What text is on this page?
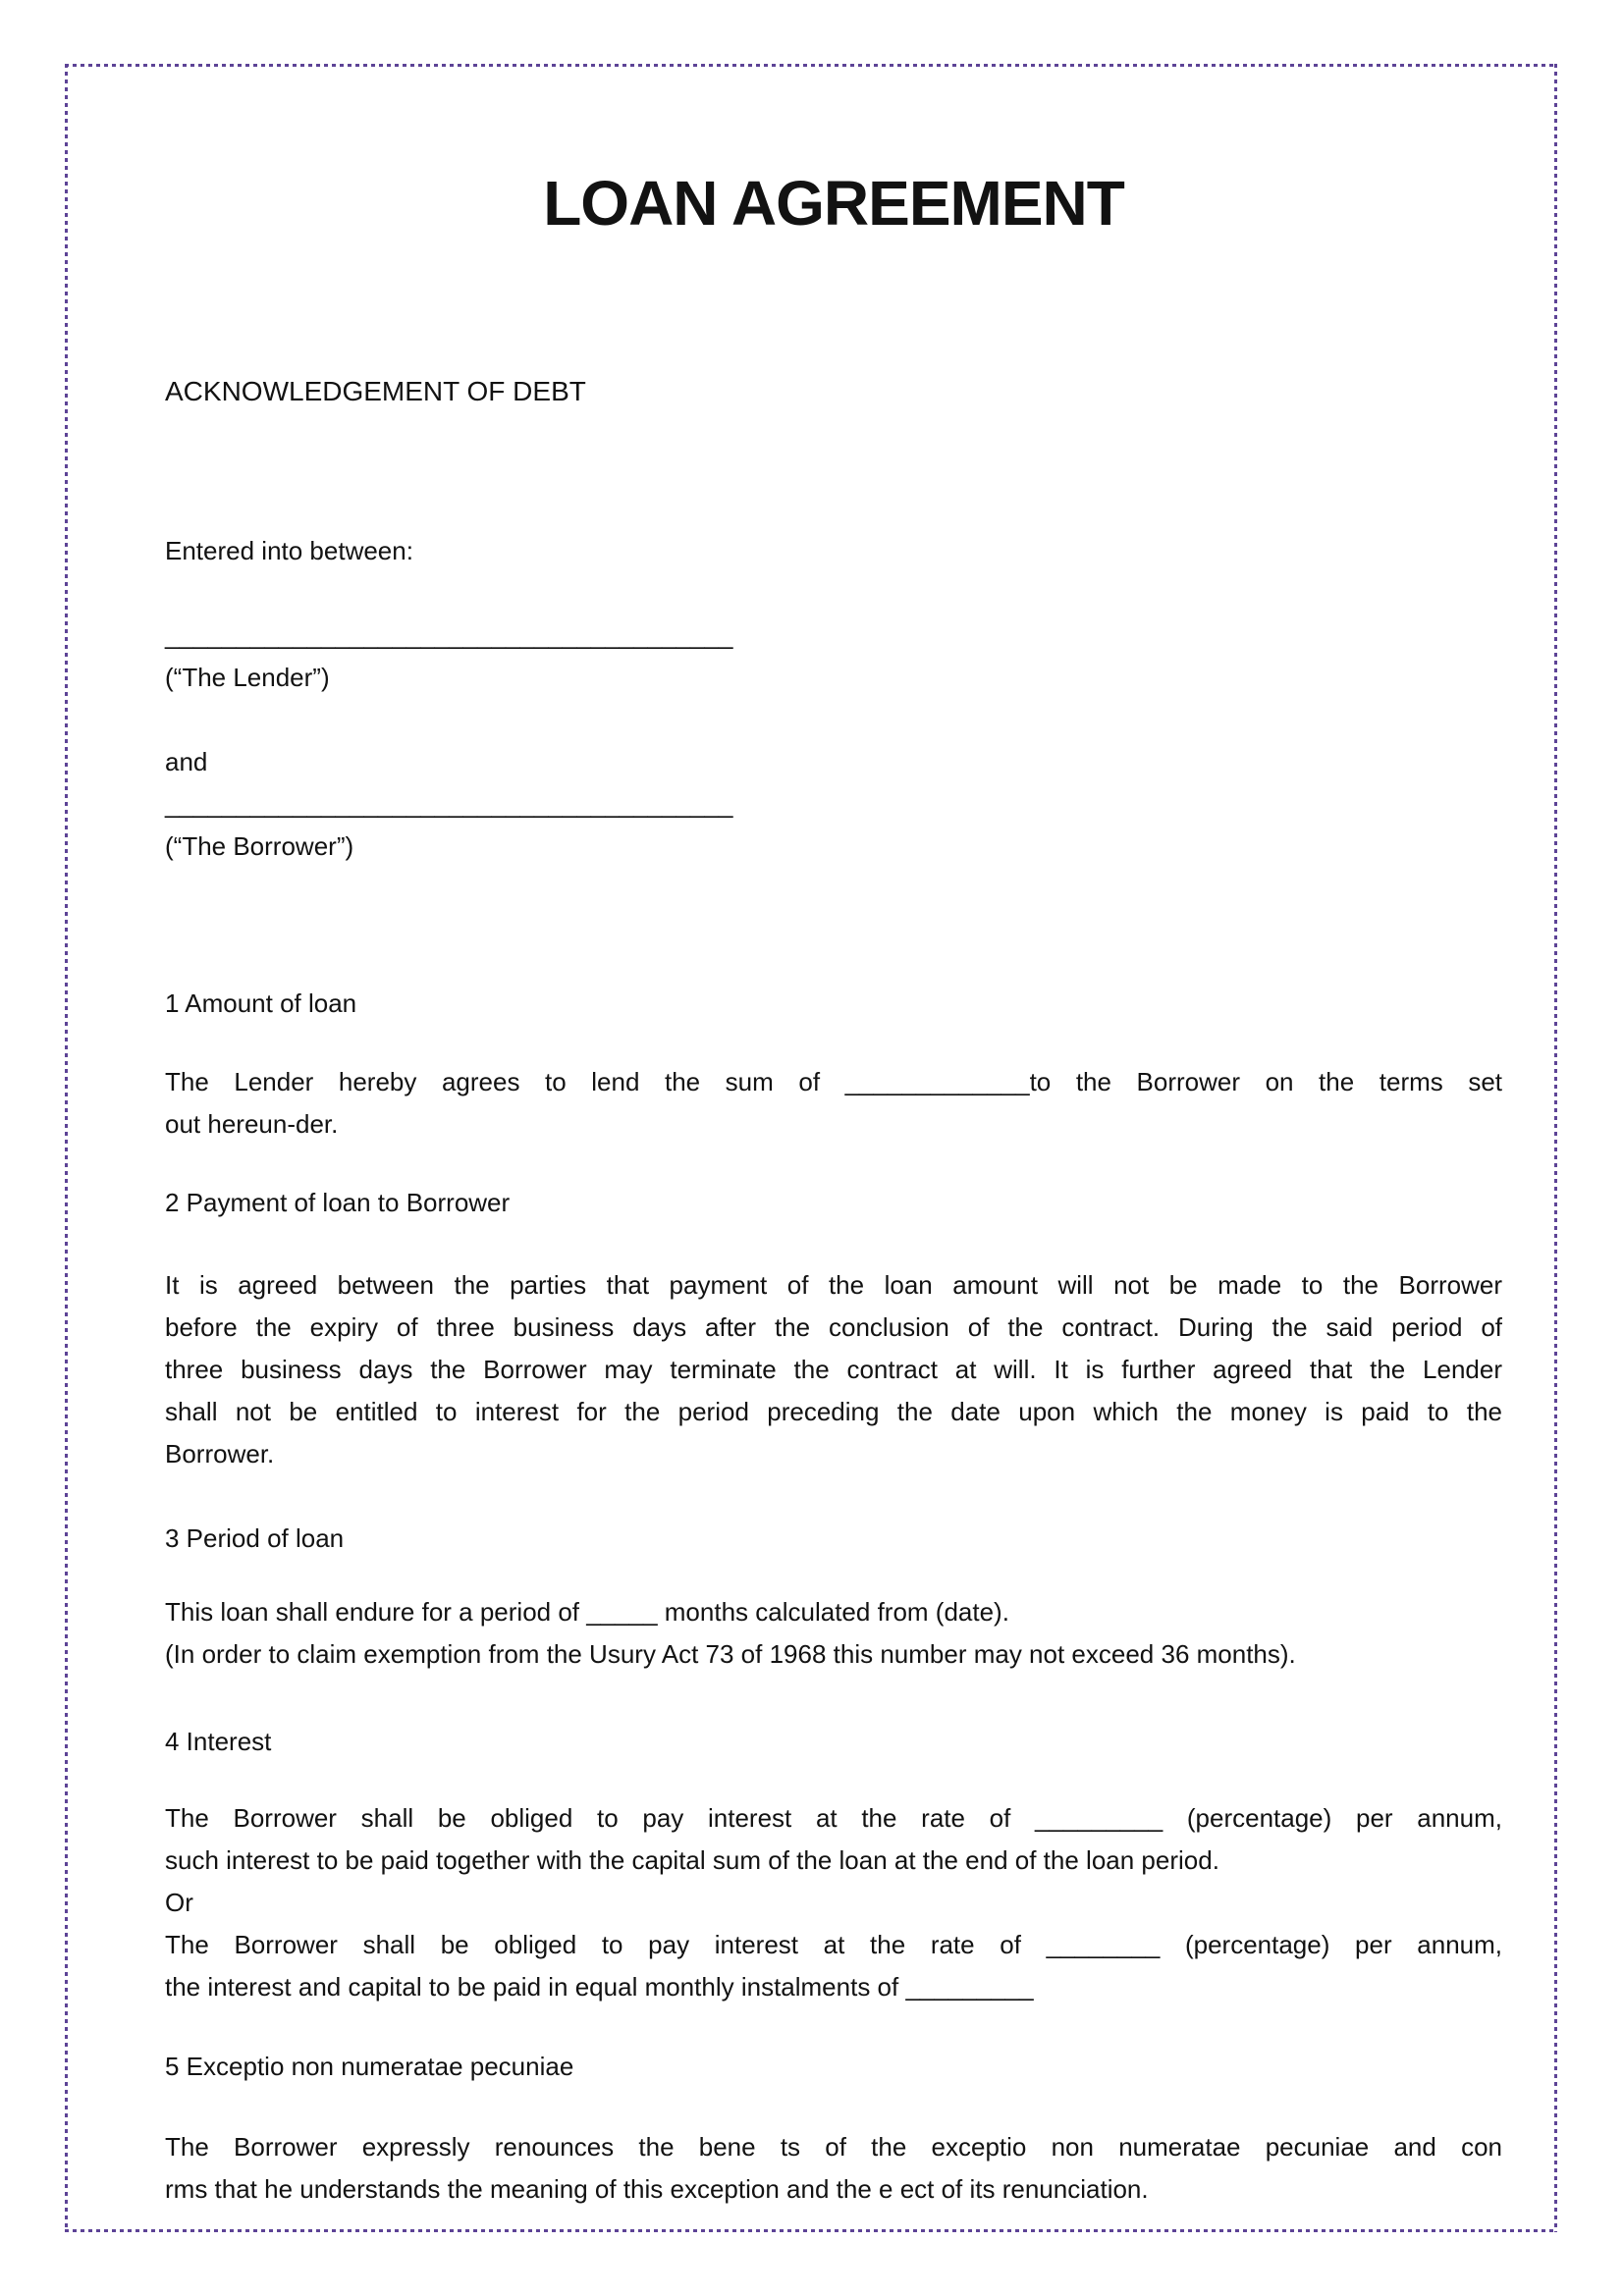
LOAN AGREEMENT
ACKNOWLEDGEMENT OF DEBT
Entered into between:

________________________________________
(“The Lender”)

and
________________________________________
(“The Borrower”)
1 Amount of loan
The Lender hereby agrees to lend the sum of _____________to the Borrower on the terms set
out hereun-der.
2 Payment of loan to Borrower
It is agreed between the parties that payment of the loan amount will not be made to the Borrower
before the expiry of three business days after the conclusion of the contract. During the said period of
three business days the Borrower may terminate the contract at will. It is further agreed that the Lender
shall not be entitled to interest for the period preceding the date upon which the money is paid to the
Borrower.
3 Period of loan
This loan shall endure for a period of _____ months calculated from (date).
(In order to claim exemption from the Usury Act 73 of 1968 this number may not exceed 36 months).
4 Interest
The Borrower shall be obliged to pay interest at the rate of _________ (percentage) per annum,
such interest to be paid together with the capital sum of the loan at the end of the loan period.
Or
The Borrower shall be obliged to pay interest at the rate of ________ (percentage) per annum,
the interest and capital to be paid in equal monthly instalments of _________
5 Exceptio non numeratae pecuniae
The Borrower expressly renounces the bene ts of the exceptio non numeratae pecuniae and con
rms that he understands the meaning of this exception and the e ect of its renunciation.
